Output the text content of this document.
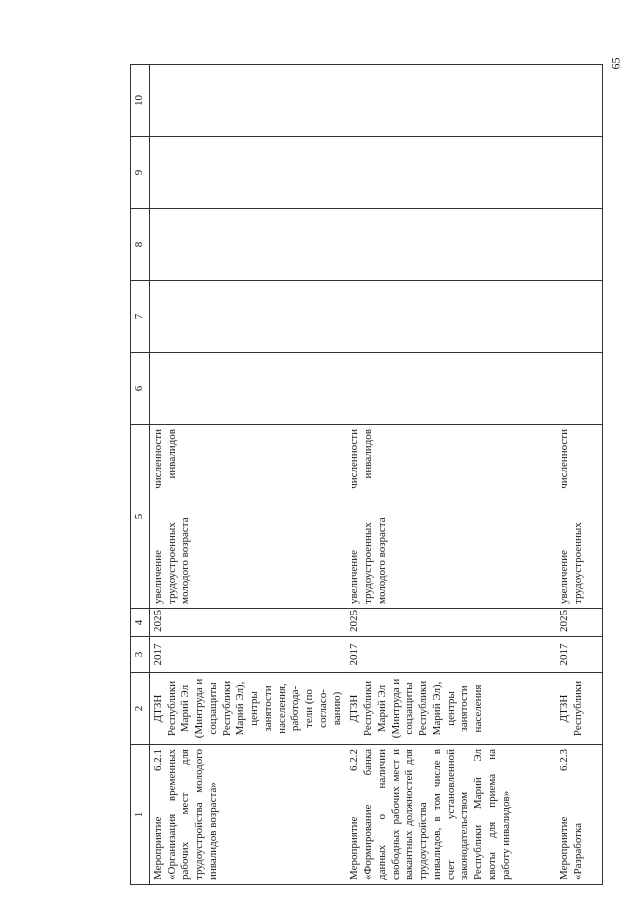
65
1	2	3	4	5	6	7	8	9	10
Мероприятие 6.2.1 «Организация временных рабочих мест для трудоустройства молодого инвалидов возраста»	ДТЗН Республики Марий Эл (Минтруда и соцзащиты Республики Марий Эл), центры занятости населения, работода-тели (по согласо-ванию)	2017	2025	увеличение численности трудоустроенных инвалидов молодого возраста					
Мероприятие 6.2.2 «Формирование банка данных о наличии свободных рабочих мест и вакантных должностей для трудоустройства инвалидов, в том числе в счет установленной законодательством Республики Марий Эл квоты для приема на работу инвалидов»	ДТЗН Республики Марий Эл (Минтруда и соцзащиты Республики Марий Эл), центры занятости населения	2017	2025	увеличение численности трудоустроенных инвалидов молодого возраста					
Мероприятие 6.2.3 «Разработка	ДТЗН Республики	2017	2025	увеличение численности трудоустроенных					
